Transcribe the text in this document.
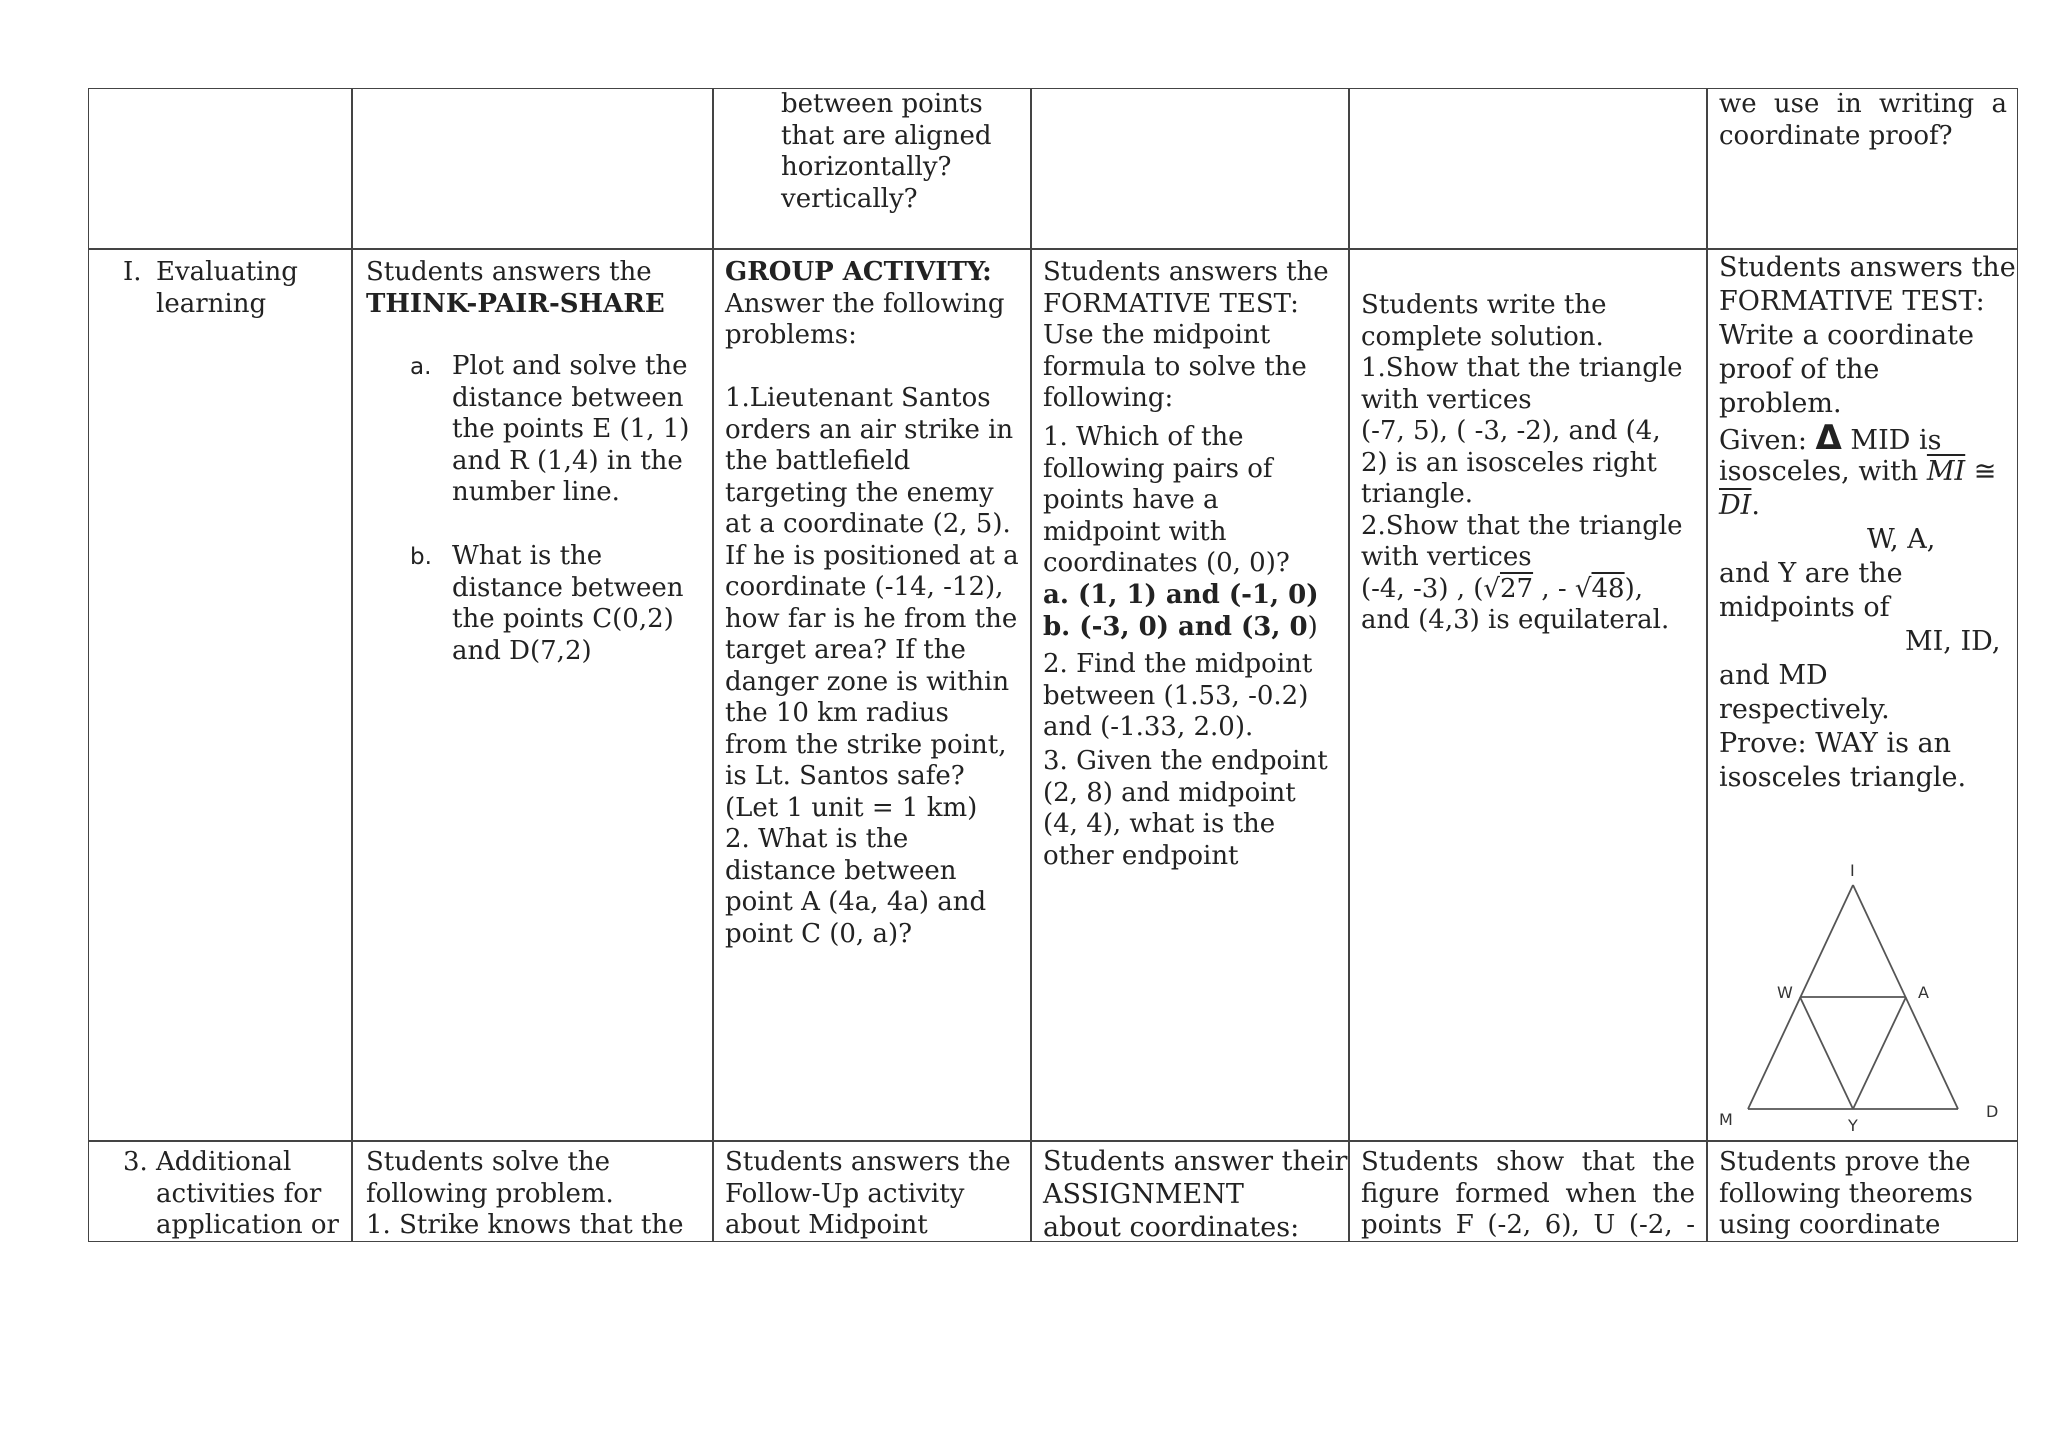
between points
that are aligned
horizontally?
vertically?
we use in writing a
coordinate proof?
I. Evaluating
learning
Students answers the
THINK-PAIR-SHARE
a. Plot and solve the
distance between
the points E (1, 1)
and R (1,4) in the
number line.
b. What is the
distance between
the points C(0,2)
and D(7,2)
GROUP ACTIVITY:
Answer the following
problems:
1.Lieutenant Santos
orders an air strike in
the battlefield
targeting the enemy
at a coordinate (2, 5).
If he is positioned at a
coordinate (-14, -12),
how far is he from the
target area? If the
danger zone is within
the 10 km radius
from the strike point,
is Lt. Santos safe?
(Let 1 unit = 1 km)
2. What is the
distance between
point A (4a, 4a) and
point C (0, a)?
Students answers the
FORMATIVE TEST:
Use the midpoint
formula to solve the
following:
1. Which of the
following pairs of
points have a
midpoint with
coordinates (0, 0)?
a. (1, 1) and (-1, 0)
b. (-3, 0) and (3, 0)
2. Find the midpoint
between (1.53, -0.2)
and (-1.33, 2.0).
3. Given the endpoint
(2, 8) and midpoint
(4, 4), what is the
other endpoint
Students write the
complete solution.
1.Show that the triangle
with vertices
(-7, 5), ( -3, -2), and (4,
2) is an isosceles right
triangle.
2.Show that the triangle
with vertices
(-4, -3) , (√27 , - √48),
and (4,3) is equilateral.
Students answers the
FORMATIVE TEST:
Write a coordinate
proof of the
problem.
Given: Δ MID is
isosceles, with $\overline{MI}$ ≅
$\overline{DI}$.
W, A,
and Y are the
midpoints of
MI, ID,
and MD
respectively.
Prove: WAY is an
isosceles triangle.
I
W	A
M	Y
D
3. Additional
activities for
application or
Students solve the
following problem.
1. Strike knows that the
Students answers the
Follow-Up activity
about Midpoint
Students answer their
ASSIGNMENT
about coordinates:
Students show that the
figure formed when the
points F (-2, 6), U (-2, -
Students prove the
following theorems
using coordinate
